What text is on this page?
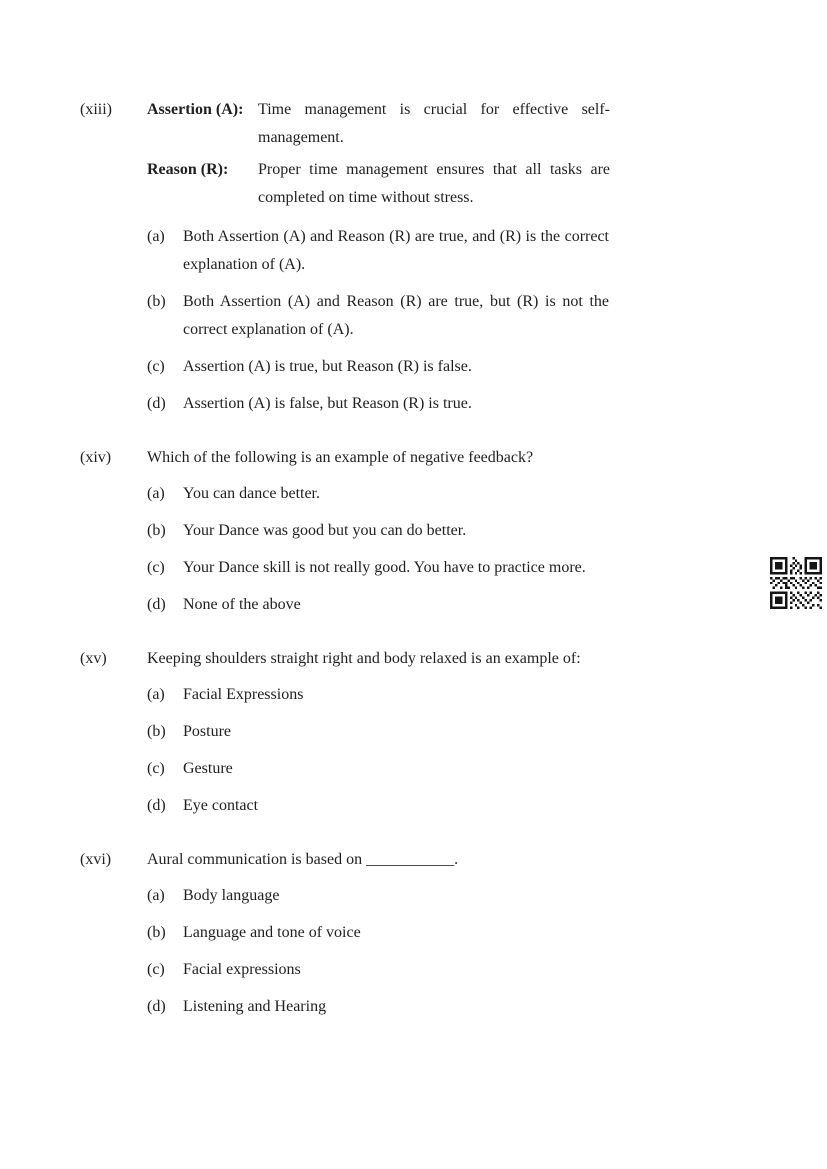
(xiii)	Assertion (A): Time management is crucial for effective self-management.
Reason (R):	Proper time management ensures that all tasks are completed on time without stress.
(a)	Both Assertion (A) and Reason (R) are true, and (R) is the correct explanation of (A).
(b)	Both Assertion (A) and Reason (R) are true, but (R) is not the correct explanation of (A).
(c)	Assertion (A) is true, but Reason (R) is false.
(d)	Assertion (A) is false, but Reason (R) is true.
(xiv)	Which of the following is an example of negative feedback?
(a)	You can dance better.
(b)	Your Dance was good but you can do better.
(c)	Your Dance skill is not really good. You have to practice more.
(d)	None of the above
(xv)	Keeping shoulders straight right and body relaxed is an example of:
(a)	Facial Expressions
(b)	Posture
(c)	Gesture
(d)	Eye contact
(xvi)	Aural communication is based on ___________.
(a)	Body language
(b)	Language and tone of voice
(c)	Facial expressions
(d)	Listening and Hearing
